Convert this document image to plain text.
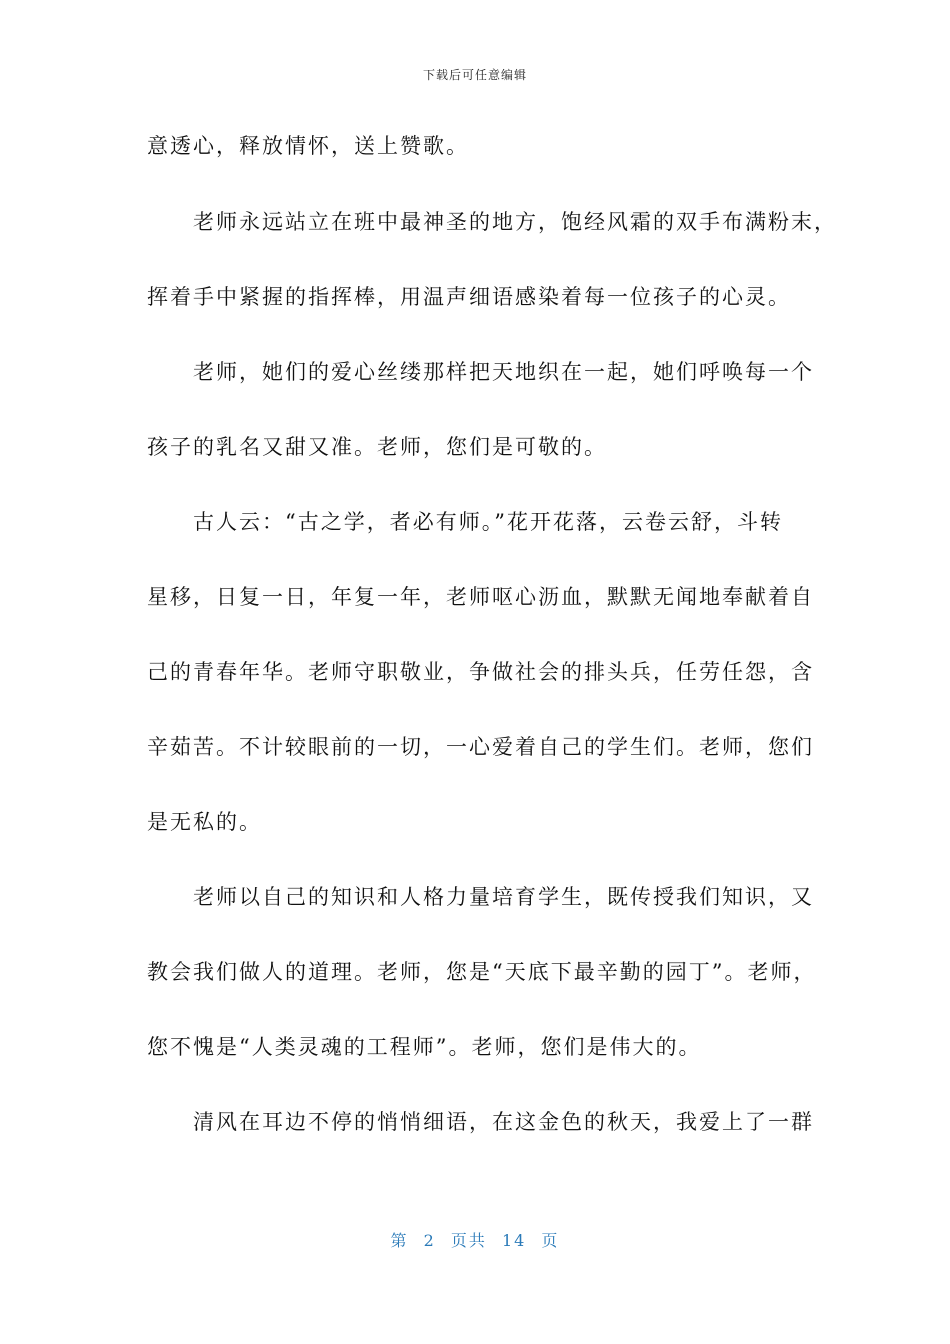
下载后可任意编辑
意透心，释放情怀，送上赞歌。
　　老师永远站立在班中最神圣的地方，饱经风霜的双手布满粉末，
挥着手中紧握的指挥棒，用温声细语感染着每一位孩子的心灵。
　　老师，她们的爱心丝缕那样把天地织在一起，她们呼唤每一个
孩子的乳名又甜又准。老师，您们是可敬的。
　　古人云：“古之学，者必有师。”花开花落，云卷云舒，斗转
星移，日复一日，年复一年，老师呕心沥血，默默无闻地奉献着自
己的青春年华。老师守职敬业，争做社会的排头兵，任劳任怨，含
辛茹苦。不计较眼前的一切，一心爱着自己的学生们。老师，您们
是无私的。
　　老师以自己的知识和人格力量培育学生，既传授我们知识，又
教会我们做人的道理。老师，您是“天底下最辛勤的园丁”。老师，
您不愧是“人类灵魂的工程师”。老师，您们是伟大的。
　　清风在耳边不停的悄悄细语，在这金色的秋天，我爱上了一群
第 2 页共 14 页
